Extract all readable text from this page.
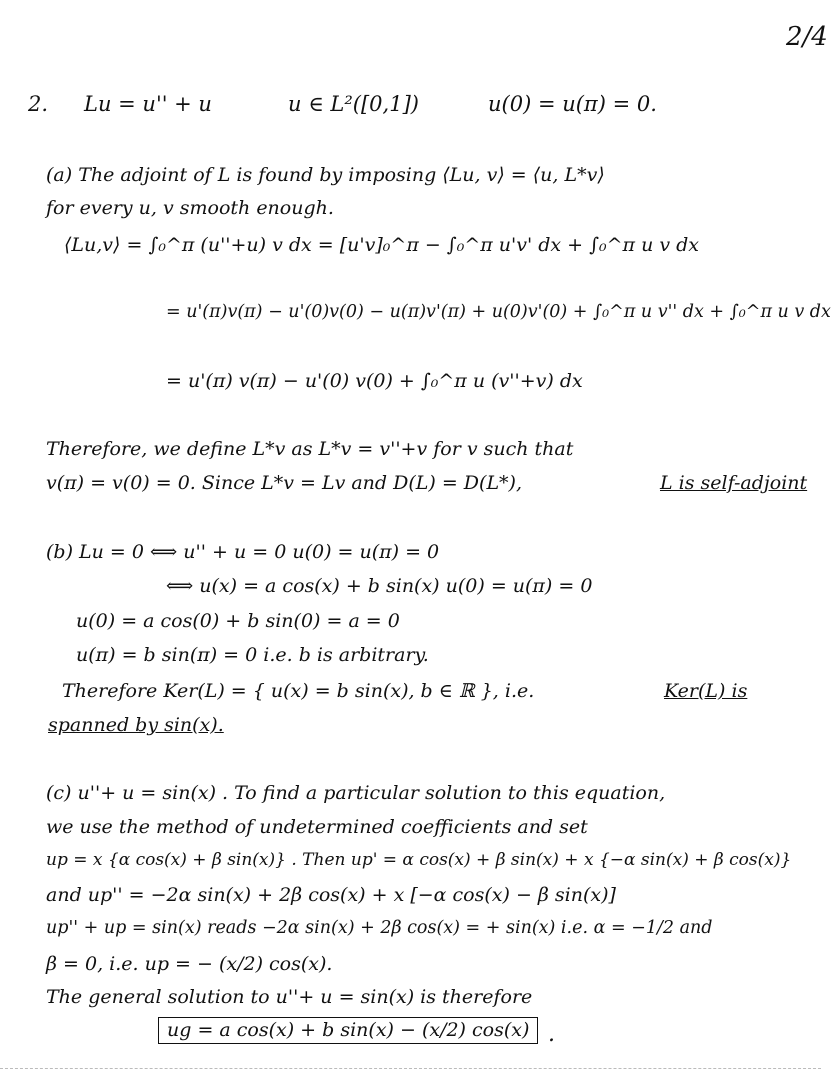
2/4
2. Lu = u'' + u	u ∈ L²([0,1])	u(0) = u(π) = 0.
(a) The adjoint of L is found by imposing ⟨Lu, v⟩ = ⟨u, L*v⟩
for every u, v smooth enough.
⟨Lu,v⟩ = ∫₀^π (u''+u) v dx = [u'v]₀^π − ∫₀^π u'v' dx + ∫₀^π u v dx
= u'(π)v(π) − u'(0)v(0) − u(π)v'(π) + u(0)v'(0) + ∫₀^π u v'' dx + ∫₀^π u v dx
= u'(π) v(π) − u'(0) v(0) + ∫₀^π u (v''+v) dx
Therefore, we define L*v as L*v = v''+v for v such that
v(π) = v(0) = 0. Since L*v = Lv and D(L) = D(L*),	L is self-adjoint
(b) Lu = 0 ⟺ u'' + u = 0 u(0) = u(π) = 0
⟺ u(x) = a cos(x) + b sin(x) u(0) = u(π) = 0
u(0) = a cos(0) + b sin(0) = a = 0
u(π) = b sin(π) = 0 i.e. b is arbitrary.
Therefore Ker(L) = { u(x) = b sin(x), b ∈ ℝ }, i.e.	Ker(L) is
spanned by sin(x).
(c) u''+ u = sin(x) . To find a particular solution to this equation,
we use the method of undetermined coefficients and set
up = x {α cos(x) + β sin(x)} . Then up' = α cos(x) + β sin(x) + x {−α sin(x) + β cos(x)}
and up'' = −2α sin(x) + 2β cos(x) + x [−α cos(x) − β sin(x)]
up'' + up = sin(x) reads −2α sin(x) + 2β cos(x) = + sin(x) i.e. α = −1/2 and
β = 0, i.e. up = − (x/2) cos(x).
The general solution to u''+ u = sin(x) is therefore
ug = a cos(x) + b sin(x) − (x/2) cos(x) .
